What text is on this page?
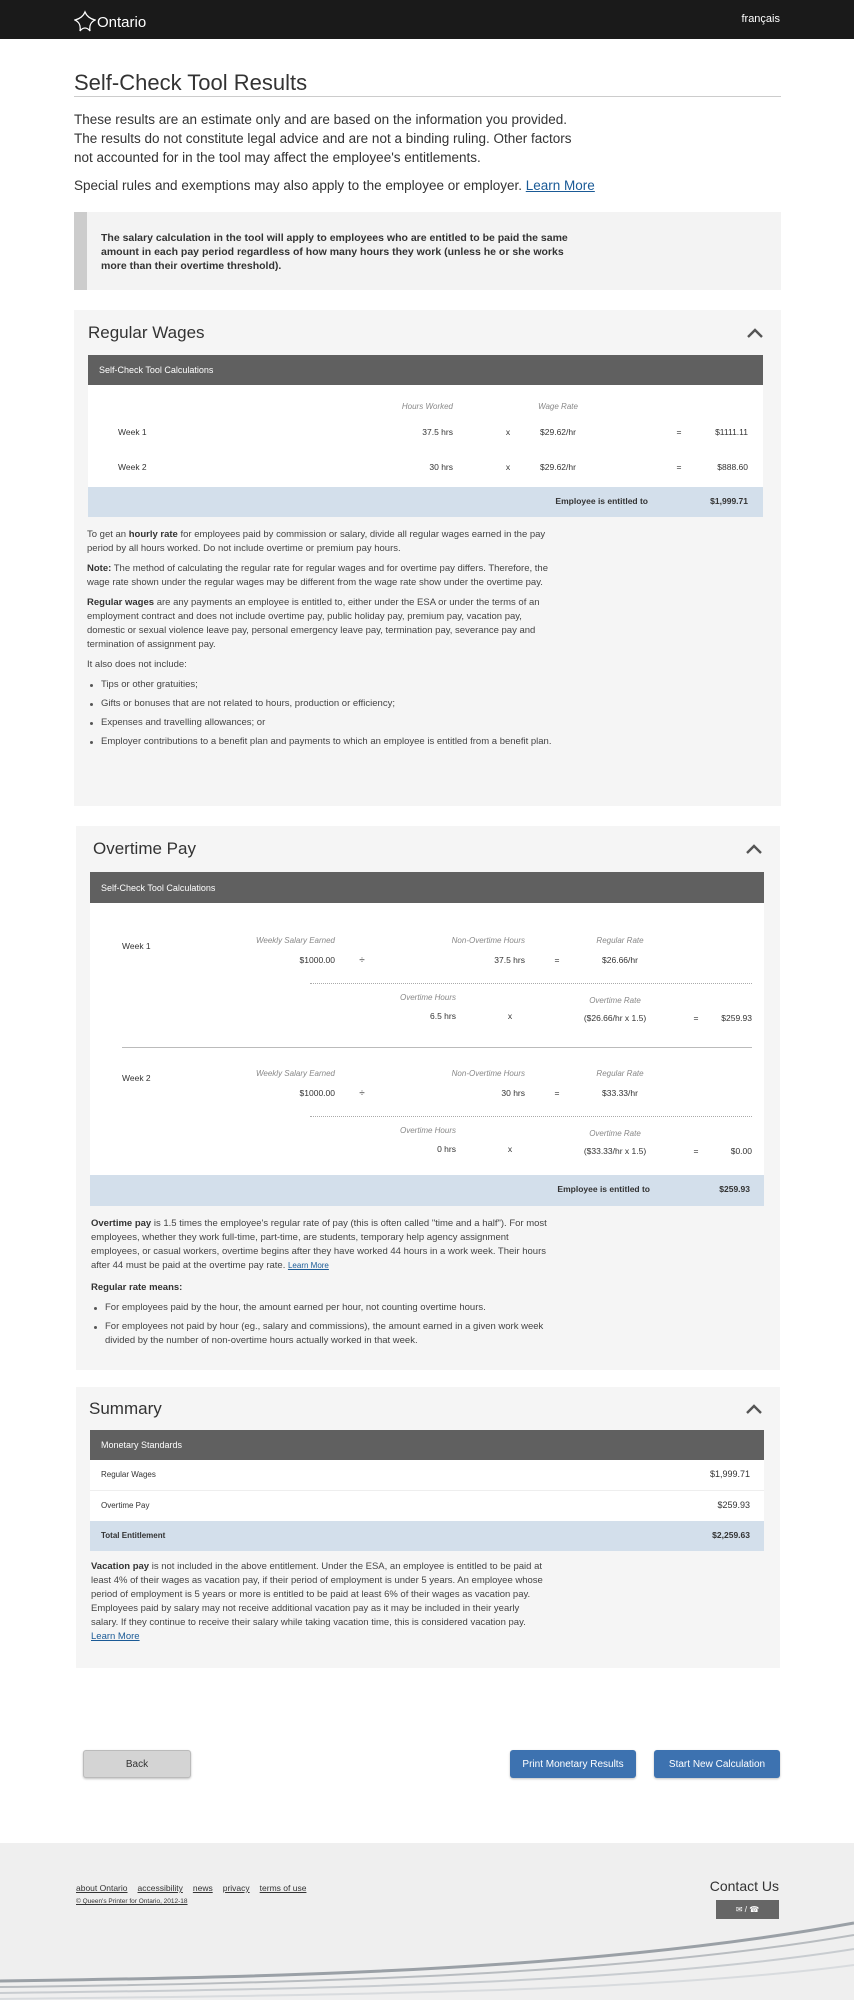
Ontario	français
Self-Check Tool Results

These results are an estimate only and are based on the information you provided. The results do not constitute legal advice and are not a binding ruling. Other factors not accounted for in the tool may affect the employee's entitlements.

Special rules and exemptions may also apply to the employee or employer. Learn More

The salary calculation in the tool will apply to employees who are entitled to be paid the same amount in each pay period regardless of how many hours they work (unless he or she works more than their overtime threshold).
Regular Wages
Self-Check Tool Calculations
Hours Worked	Wage Rate
Week 1	37.5 hrs	x	$29.62/hr	=	$1111.11
Week 2	30 hrs	x	$29.62/hr	=	$888.60
Employee is entitled to	$1,999.71

To get an hourly rate for employees paid by commission or salary, divide all regular wages earned in the pay period by all hours worked. Do not include overtime or premium pay hours.

Note: The method of calculating the regular rate for regular wages and for overtime pay differs. Therefore, the wage rate shown under the regular wages may be different from the wage rate show under the overtime pay.

Regular wages are any payments an employee is entitled to, either under the ESA or under the terms of an employment contract and does not include overtime pay, public holiday pay, premium pay, vacation pay, domestic or sexual violence leave pay, personal emergency leave pay, termination pay, severance pay and termination of assignment pay.

It also does not include:

Tips or other gratuities;
Gifts or bonuses that are not related to hours, production or efficiency;
Expenses and travelling allowances; or
Employer contributions to a benefit plan and payments to which an employee is entitled from a benefit plan.
Overtime Pay
Self-Check Tool Calculations
Week 1
Weekly Salary Earned
$1000.00	÷
Non-Overtime Hours
37.5 hrs	=
Regular Rate
$26.66/hr
Overtime Hours
6.5 hrs	x
Overtime Rate
($26.66/hr x 1.5)	=	$259.93
Week 2	Weekly Salary Earned
$1000.00	÷
Non-Overtime Hours
30 hrs	=
Regular Rate
$33.33/hr
Overtime Hours
0 hrs	x
Overtime Rate
($33.33/hr x 1.5)	=	$0.00
Employee is entitled to	$259.93

Overtime pay is 1.5 times the employee's regular rate of pay (this is often called "time and a half"). For most employees, whether they work full-time, part-time, are students, temporary help agency assignment employees, or casual workers, overtime begins after they have worked 44 hours in a work week. Their hours after 44 must be paid at the overtime pay rate. Learn More

Regular rate means:

For employees paid by the hour, the amount earned per hour, not counting overtime hours.
For employees not paid by hour (eg., salary and commissions), the amount earned in a given work week divided by the number of non-overtime hours actually worked in that week.
Summary
Monetary Standards
Regular Wages	$1,999.71
Overtime Pay	$259.93
Total Entitlement	$2,259.63

Vacation pay is not included in the above entitlement. Under the ESA, an employee is entitled to be paid at least 4% of their wages as vacation pay, if their period of employment is under 5 years. An employee whose period of employment is 5 years or more is entitled to be paid at least 6% of their wages as vacation pay. Employees paid by salary may not receive additional vacation pay as it may be included in their yearly salary. If they continue to receive their salary while taking vacation time, this is considered vacation pay. Learn More

Back	Print Monetary Results	Start New Calculation
about Ontario accessibility news privacy terms of use
© Queen's Printer for Ontario, 2012-18
Contact Us
✉ / ☎
